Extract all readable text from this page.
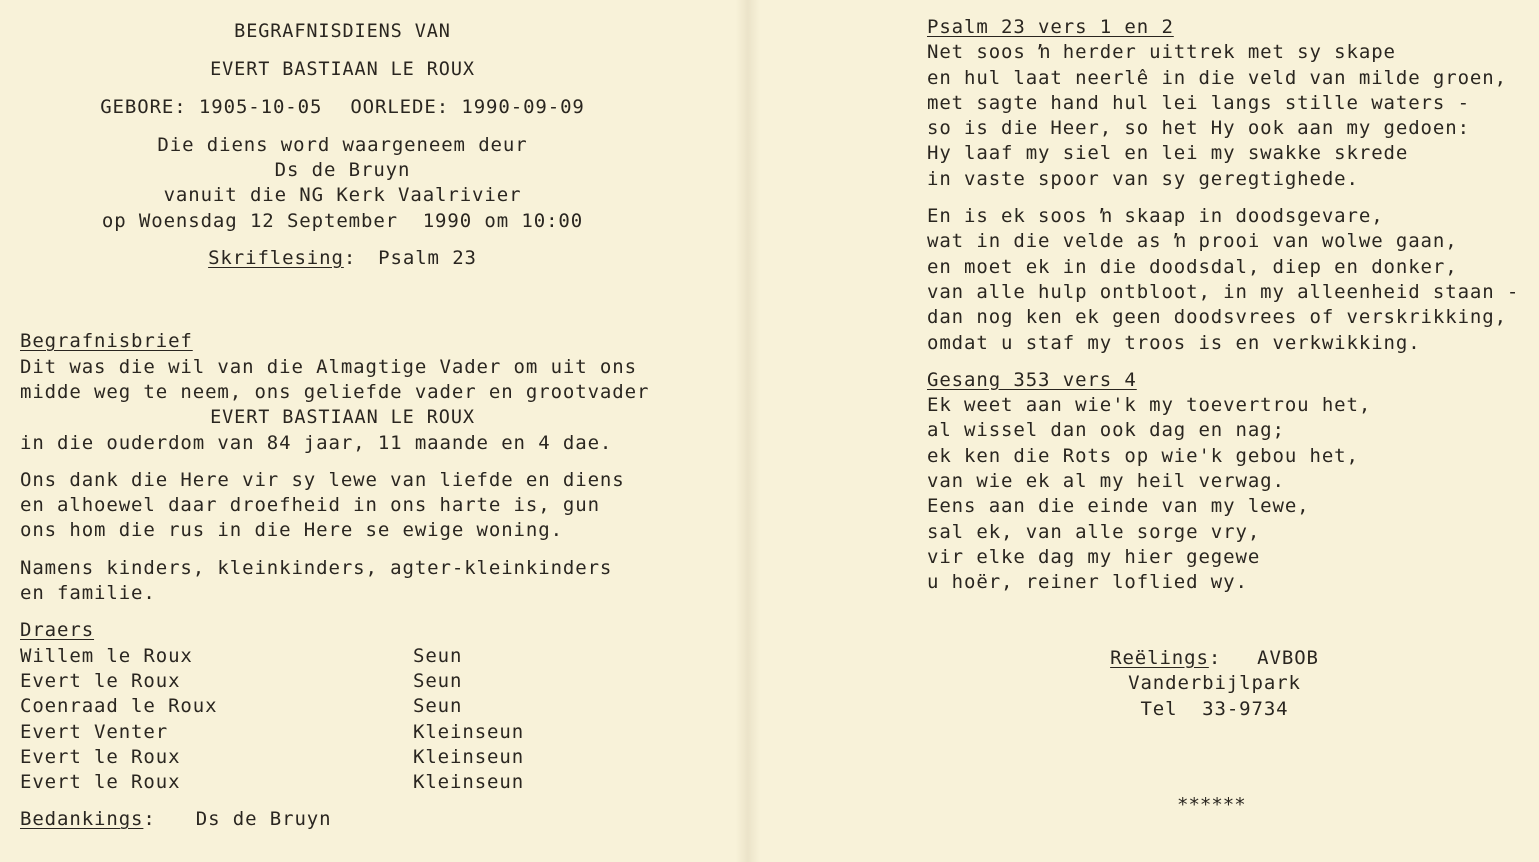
BEGRAFNISDIENS VAN
EVERT BASTIAAN LE ROUX
GEBORE: 1905-10-05 OORLEDE: 1990-09-09
Die diens word waargeneem deur
Ds de Bruyn
vanuit die NG Kerk Vaalrivier
op Woensdag 12 September  1990 om 10:00
Skriflesing: Psalm 23
Begrafnisbrief
Dit was die wil van die Almagtige Vader om uit ons
midde weg te neem, ons geliefde vader en grootvader
EVERT BASTIAAN LE ROUX
in die ouderdom van 84 jaar, 11 maande en 4 dae.
Ons dank die Here vir sy lewe van liefde en diens
en alhoewel daar droefheid in ons harte is, gun
ons hom die rus in die Here se ewige woning.
Namens kinders, kleinkinders, agter-kleinkinders
en familie.
Draers
Willem le Roux	Seun
Evert le Roux	Seun
Coenraad le Roux	Seun
Evert Venter	Kleinseun
Evert le Roux	Kleinseun
Evert le Roux	Kleinseun
Bedankings: Ds de Bruyn
Psalm 23 vers 1 en 2
Net soos ŉ herder uittrek met sy skape
en hul laat neerlê in die veld van milde groen,
met sagte hand hul lei langs stille waters -
so is die Heer, so het Hy ook aan my gedoen:
Hy laaf my siel en lei my swakke skrede
in vaste spoor van sy geregtighede.
En is ek soos ŉ skaap in doodsgevare,
wat in die velde as ŉ prooi van wolwe gaan,
en moet ek in die doodsdal, diep en donker,
van alle hulp ontbloot, in my alleenheid staan -
dan nog ken ek geen doodsvrees of verskrikking,
omdat u staf my troos is en verkwikking.
Gesang 353 vers 4
Ek weet aan wie'k my toevertrou het,
al wissel dan ook dag en nag;
ek ken die Rots op wie'k gebou het,
van wie ek al my heil verwag.
Eens aan die einde van my lewe,
sal ek, van alle sorge vry,
vir elke dag my hier gegewe
u hoër, reiner loflied wy.
Reëlings: AVBOB
Vanderbijlpark
Tel  33-9734
******
